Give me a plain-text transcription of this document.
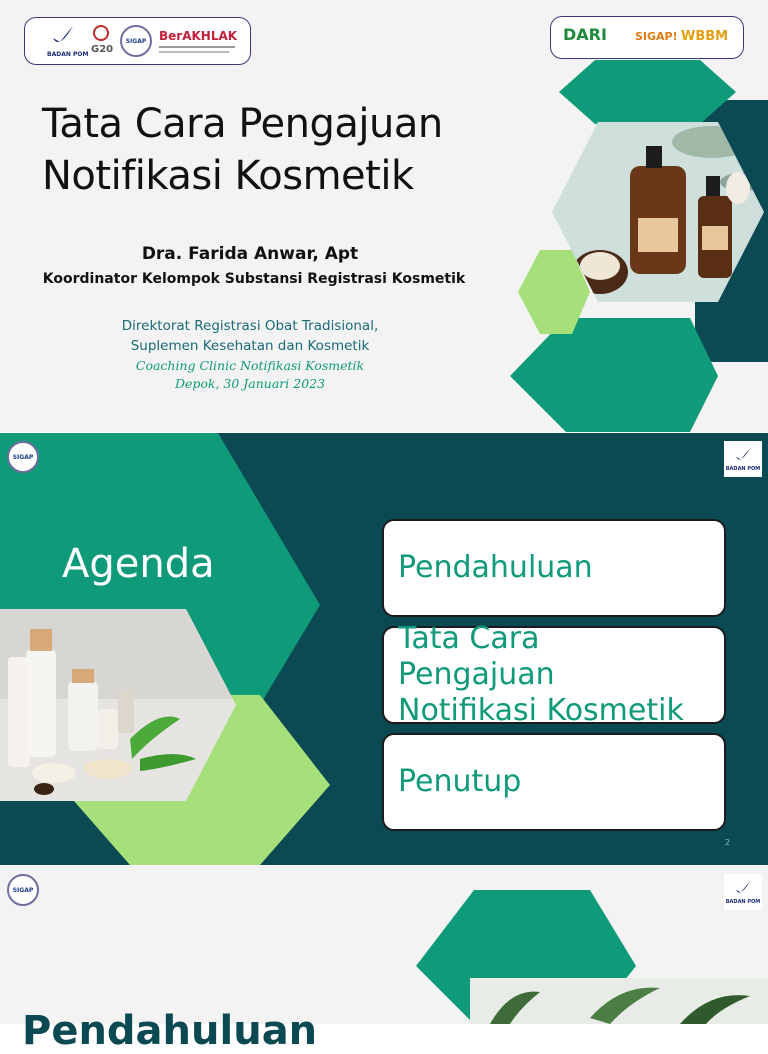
BADAN POM G20
SIGAP BerAKHLAK	DARI	SIGAP! WBBM
Tata Cara Pengajuan
Notifikasi Kosmetik
Dra. Farida Anwar, Apt
Koordinator Kelompok Substansi Registrasi Kosmetik
Direktorat Registrasi Obat Tradisional,
Suplemen Kesehatan dan Kosmetik
Coaching Clinic Notifikasi Kosmetik
Depok, 30 Januari 2023
SIGAP
BADAN POM
Agenda	Pendahuluan
Tata Cara Pengajuan Notifikasi Kosmetik
Penutup
2
SIGAP
BADAN POM
Pendahuluan
